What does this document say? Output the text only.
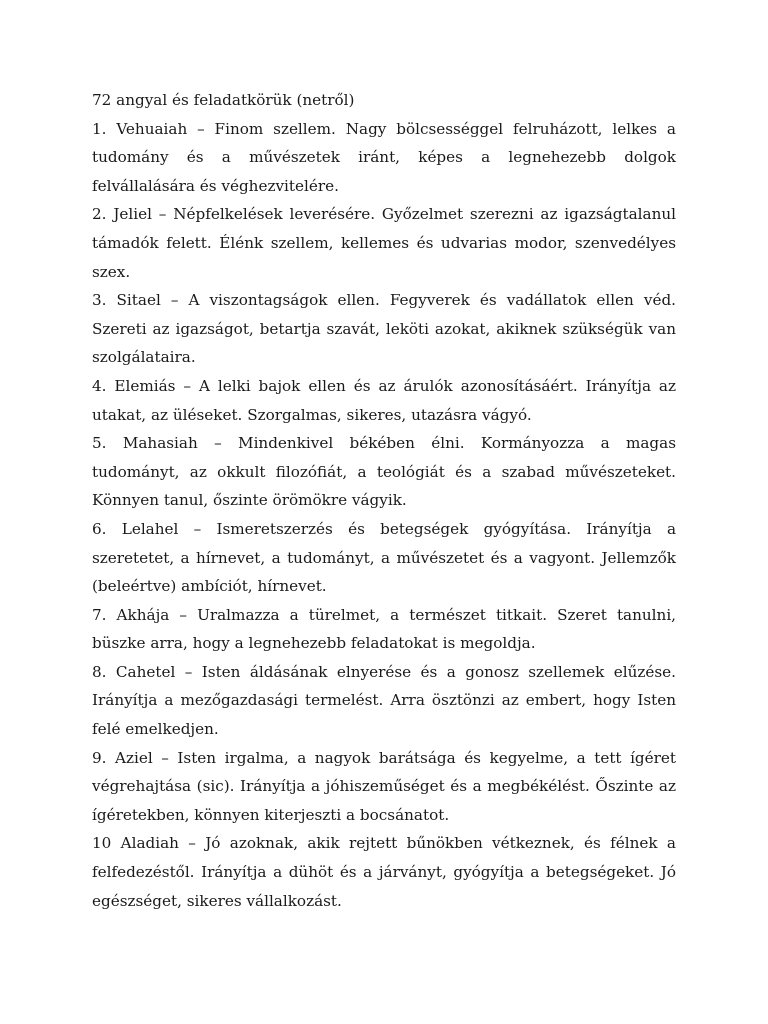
72 angyal és feladatkörük (netről)

1. Vehuaiah – Finom szellem. Nagy bölcsességgel felruházott, lelkes a tudomány és a művészetek iránt, képes a legnehezebb dolgok felvállalására és véghezvitelére.

2. Jeliel – Népfelkelések leverésére. Győzelmet szerezni az igazságtalanul támadók felett. Élénk szellem, kellemes és udvarias modor, szenvedélyes szex.

3. Sitael – A viszontagságok ellen. Fegyverek és vadállatok ellen véd. Szereti az igazságot, betartja szavát, leköti azokat, akiknek szükségük van szolgálataira.

4. Elemiás – A lelki bajok ellen és az árulók azonosításáért. Irányítja az utakat, az üléseket. Szorgalmas, sikeres, utazásra vágyó.

5. Mahasiah – Mindenkivel békében élni. Kormányozza a magas tudományt, az okkult filozófiát, a teológiát és a szabad művészeteket. Könnyen tanul, őszinte örömökre vágyik.

6. Lelahel – Ismeretszerzés és betegségek gyógyítása. Irányítja a szeretetet, a hírnevet, a tudományt, a művészetet és a vagyont. Jellemzők (beleértve) ambíciót, hírnevet.

7. Akhája – Uralmazza a türelmet, a természet titkait. Szeret tanulni, büszke arra, hogy a legnehezebb feladatokat is megoldja.

8. Cahetel – Isten áldásának elnyerése és a gonosz szellemek elűzése. Irányítja a mezőgazdasági termelést. Arra ösztönzi az embert, hogy Isten felé emelkedjen.

9. Aziel – Isten irgalma, a nagyok barátsága és kegyelme, a tett ígéret végrehajtása (sic). Irányítja a jóhiszeműséget és a megbékélést. Őszinte az ígéretekben, könnyen kiterjeszti a bocsánatot.

10 Aladiah – Jó azoknak, akik rejtett bűnökben vétkeznek, és félnek a felfedezéstől. Irányítja a dühöt és a járványt, gyógyítja a betegségeket. Jó egészséget, sikeres vállalkozást.
